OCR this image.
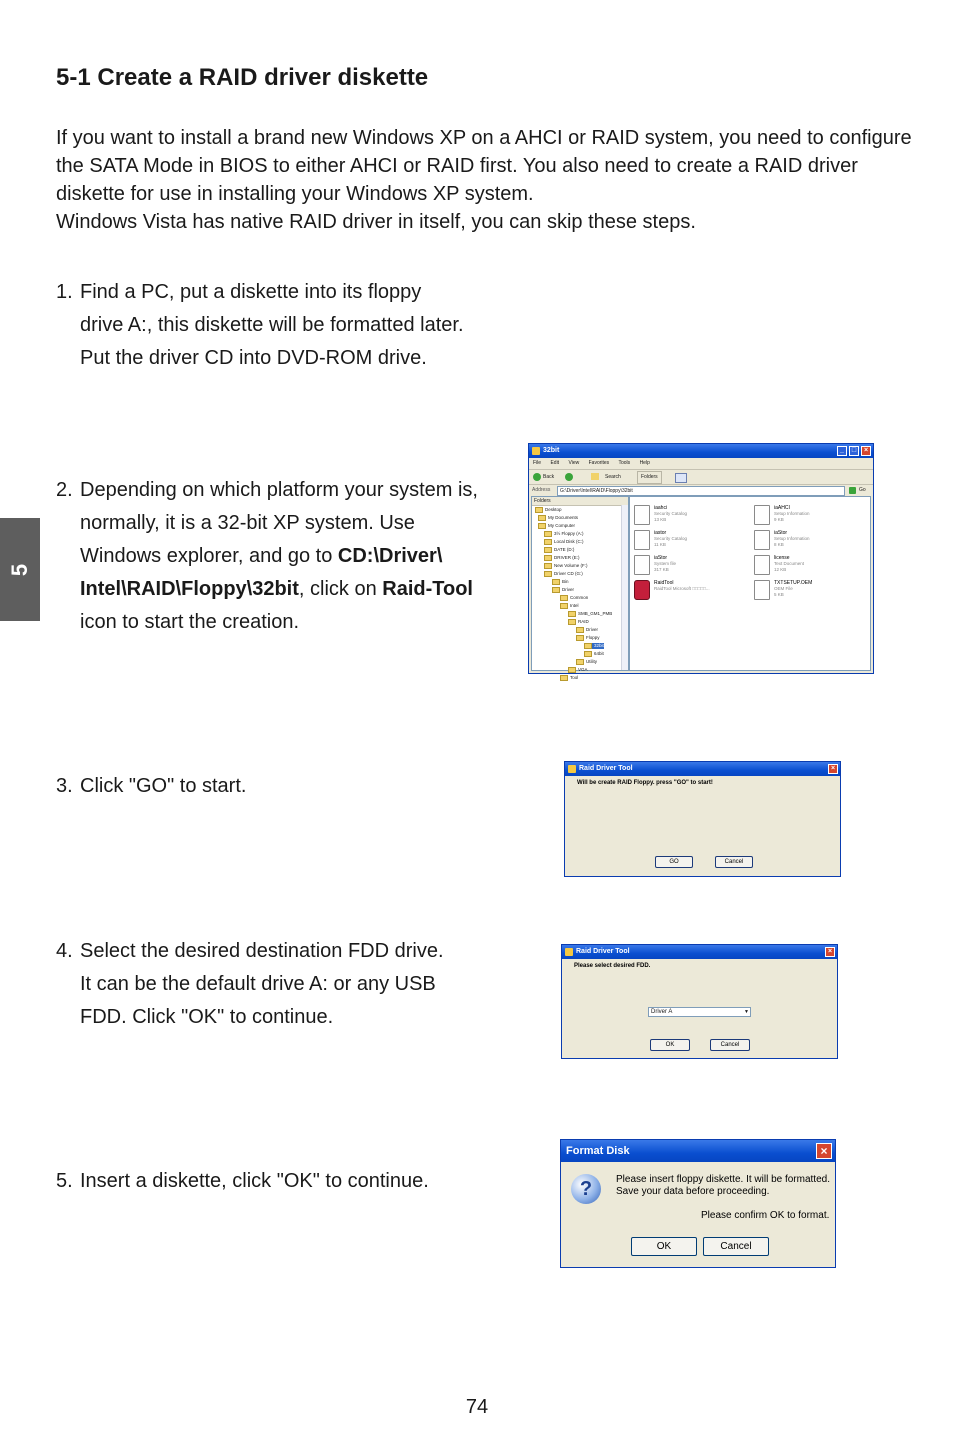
5-1 Create a RAID driver diskette

If you want to install a brand new Windows XP on a AHCI or RAID system, you need to configure the SATA Mode in BIOS to either AHCI or RAID first. You also need to create a RAID driver diskette for use in installing your Windows XP system.

Windows Vista has native RAID driver in itself, you can skip these steps.

5
1. Find a PC, put a diskette into its floppy
drive A:, this diskette will be formatted later.
Put the driver CD into DVD-ROM drive.
2. Depending on which platform your system is, normally, it is a 32-bit XP system. Use Windows explorer, and go to CD:\Driver\ Intel\RAID\Floppy\32bit, click on Raid-Tool icon to start the creation.
3. Click "GO" to start.
4. Select the desired destination FDD drive.
It can be the default drive A: or any USB
FDD. Click "OK" to continue.
5. Insert a diskette, click "OK" to continue.
32bit	_	□	×
File Edit View Favorites Tools Help
Back	Search	Folders
Address	G:\Driver\Intel\RAID\Floppy\32bit	Go
Folders
Desktop
My Documents
My Computer
3½ Floppy (A:)
Local Disk (C:)
DATE (D:)
DRIVER (E:)
New Volume (F:)
Driver CD (G:)
Bin
Driver
Common
Intel
SMB_GM1_PMB
RAID
Driver
Floppy
32bit
64bit
Utility
VGA
Tool
iaahci
Security Catalog
13 KB
iaAHCI
Setup Information
9 KB
iastor
Security Catalog
11 KB
iaStor
Setup Information
8 KB
iaStor
System file
317 KB
license
Text Document
12 KB
RaidTool
RaidTool Microsoft □□□□□...
TXTSETUP.OEM
OEM File
5 KB
Raid Driver Tool	×
Will be create RAID Floppy. press "GO" to start!
GO	Cancel
Raid Driver Tool	×
Please select desired FDD.
Driver A	▼
OK	Cancel
Format Disk	×
?	Please insert floppy diskette. It will be formatted.
Save your data before proceeding.
Please confirm OK to format.
OK	Cancel
74
